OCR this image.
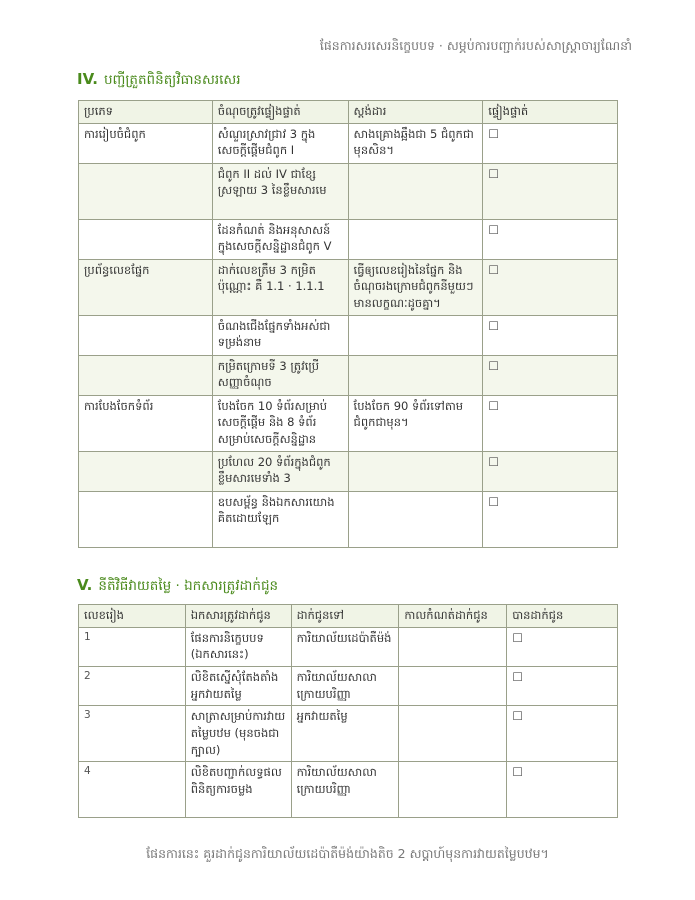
ផែនការសរសេរនិក្ខេបបទ · សម្ភប់ការបញ្ជាក់របស់សាស្ត្រាចារ្យណែនាំ
IV. បញ្ជីត្រួតពិនិត្យវិធានសរសេរ
ប្រភេទ	ចំណុចត្រូវផ្ទៀងផ្ទាត់	ស្តង់ដារ	ផ្ទៀងផ្ទាត់
ការរៀបចំជំពូក	សំណួរស្រាវជ្រាវ 3 ក្នុងសេចក្តីផ្តើមជំពូក I	សាងគ្រោងឆ្អឹងជា 5 ជំពូកជាមុនសិន។	☐
	ជំពូក II ដល់ IV ជាខ្សែស្រឡាយ 3 នៃខ្លឹមសារមេ		☐
	ដែនកំណត់ និងអនុសាសន៍ក្នុងសេចក្តីសន្និដ្ឋានជំពូក V		☐
ប្រព័ន្ធលេខផ្នែក	ដាក់លេខត្រឹម 3 កម្រិតប៉ុណ្ណោះ គឺ 1.1 · 1.1.1	ធ្វើឲ្យលេខរៀងនៃផ្នែក និងចំណុចរងក្រោមជំពូកនីមួយៗ មានលក្ខណៈដូចគ្នា។	☐
	ចំណងជើងផ្នែកទាំងអស់ជាទម្រង់នាម		☐
	កម្រិតក្រោមទី 3 ត្រូវប្រើសញ្ញាចំណុច		☐
ការបែងចែកទំព័រ	បែងចែក 10 ទំព័រសម្រាប់សេចក្តីផ្តើម និង 8 ទំព័រសម្រាប់សេចក្តីសន្និដ្ឋាន	បែងចែក 90 ទំព័រទៅតាមជំពូកជាមុន។	☐
	ប្រហែល 20 ទំព័រក្នុងជំពូកខ្លឹមសារមេទាំង 3		☐
	ឧបសម្ព័ន្ធ និងឯកសារយោង គិតដោយឡែក		☐
V. នីតិវិធីវាយតម្លៃ · ឯកសារត្រូវដាក់ជូន
លេខរៀង	ឯកសារត្រូវដាក់ជូន	ដាក់ជូនទៅ	កាលកំណត់ដាក់ជូន	បានដាក់ជូន
1	ផែនការនិក្ខេបបទ (ឯកសារនេះ)	ការិយាល័យដេប៉ាតឺម៉ង់		☐
2	លិខិតស្នើសុំតែងតាំងអ្នកវាយតម្លៃ	ការិយាល័យសាលាក្រោយបរិញ្ញា		☐
3	សាត្រាសម្រាប់ការវាយតម្លៃបឋម (មុនចងជាក្បាល)	អ្នកវាយតម្លៃ		☐
4	លិខិតបញ្ជាក់លទ្ធផលពិនិត្យការចម្លង	ការិយាល័យសាលាក្រោយបរិញ្ញា		☐
ផែនការនេះ គួរដាក់ជូនការិយាល័យដេប៉ាតឺម៉ង់យ៉ាងតិច 2 សប្តាហ៍មុនការវាយតម្លៃបឋម។
